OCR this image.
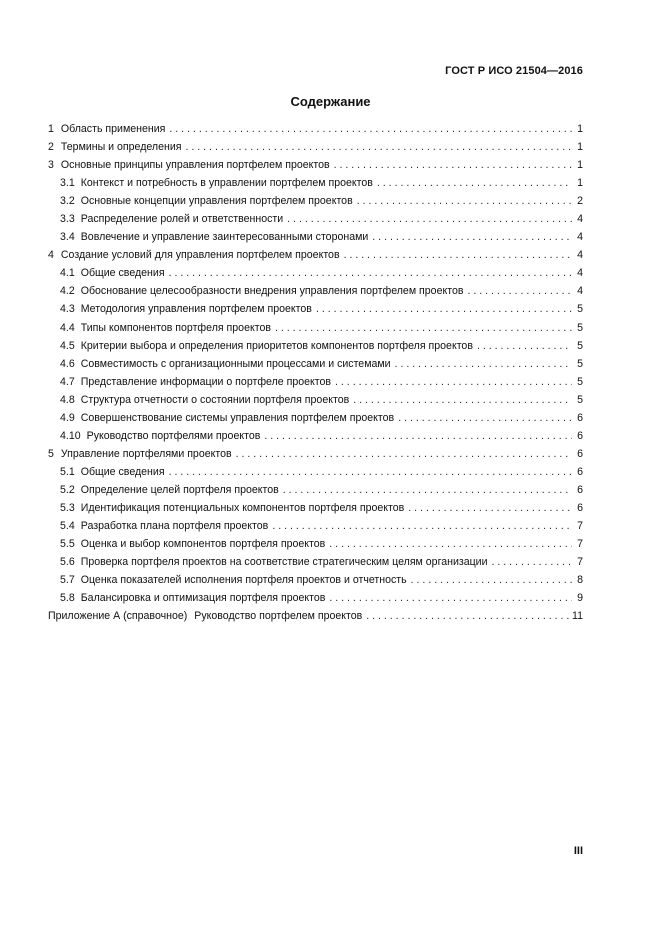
ГОСТ Р ИСО 21504—2016
Содержание
1 Область применения . . .	1
2 Термины и определения . . .	1
3 Основные принципы управления портфелем проектов . . .	1
3.1 Контекст и потребность в управлении портфелем проектов . . .	1
3.2 Основные концепции управления портфелем проектов . . .	2
3.3 Распределение ролей и ответственности . . .	4
3.4 Вовлечение и управление заинтересованными сторонами . . .	4
4 Создание условий для управления портфелем проектов . . .	4
4.1 Общие сведения . . .	4
4.2 Обоснование целесообразности внедрения управления портфелем проектов . . .	4
4.3 Методология управления портфелем проектов . . .	5
4.4 Типы компонентов портфеля проектов . . .	5
4.5 Критерии выбора и определения приоритетов компонентов портфеля проектов . . .	5
4.6 Совместимость с организационными процессами и системами . . .	5
4.7 Представление информации о портфеле проектов . . .	5
4.8 Структура отчетности о состоянии портфеля проектов . . .	5
4.9 Совершенствование системы управления портфелем проектов . . .	6
4.10 Руководство портфелями проектов . . .	6
5 Управление портфелями проектов . . .	6
5.1 Общие сведения . . .	6
5.2 Определение целей портфеля проектов . . .	6
5.3 Идентификация потенциальных компонентов портфеля проектов . . .	6
5.4 Разработка плана портфеля проектов . . .	7
5.5 Оценка и выбор компонентов портфеля проектов . . .	7
5.6 Проверка портфеля проектов на соответствие стратегическим целям организации . . .	7
5.7 Оценка показателей исполнения портфеля проектов и отчетность . . .	8
5.8 Балансировка и оптимизация портфеля проектов . . .	9
Приложение А (справочное) Руководство портфелем проектов . . .	11
III
